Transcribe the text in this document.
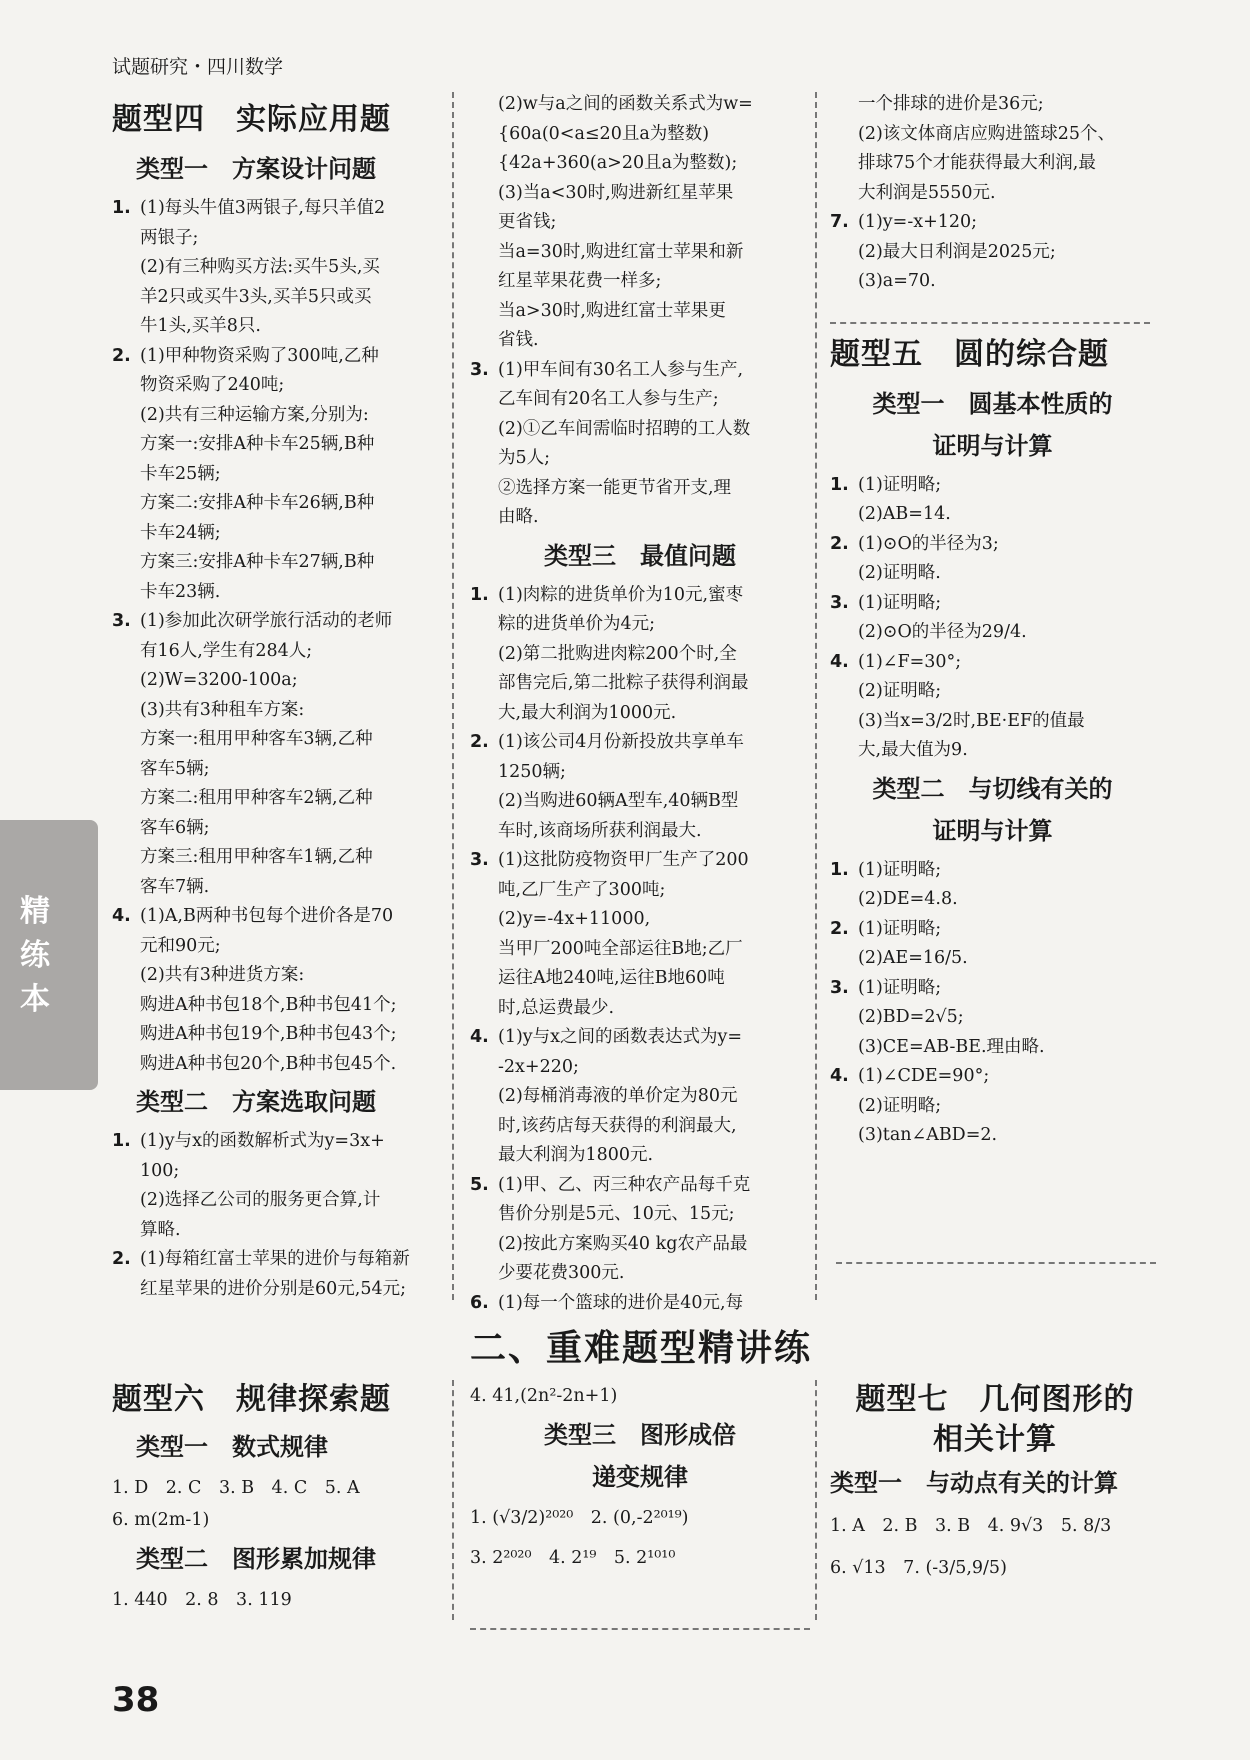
试题研究・四川数学
精练本
题型四　实际应用题
类型一　方案设计问题
1. (1)每头牛值3两银子,每只羊值2
两银子;
(2)有三种购买方法:买牛5头,买
羊2只或买牛3头,买羊5只或买
牛1头,买羊8只.
2. (1)甲种物资采购了300吨,乙种
物资采购了240吨;
(2)共有三种运输方案,分别为:
方案一:安排A种卡车25辆,B种
卡车25辆;
方案二:安排A种卡车26辆,B种
卡车24辆;
方案三:安排A种卡车27辆,B种
卡车23辆.
3. (1)参加此次研学旅行活动的老师
有16人,学生有284人;
(2)W=3200-100a;
(3)共有3种租车方案:
方案一:租用甲种客车3辆,乙种
客车5辆;
方案二:租用甲种客车2辆,乙种
客车6辆;
方案三:租用甲种客车1辆,乙种
客车7辆.
4. (1)A,B两种书包每个进价各是70
元和90元;
(2)共有3种进货方案:
购进A种书包18个,B种书包41个;
购进A种书包19个,B种书包43个;
购进A种书包20个,B种书包45个.
类型二　方案选取问题
1. (1)y与x的函数解析式为y=3x+
100;
(2)选择乙公司的服务更合算,计
算略.
2. (1)每箱红富士苹果的进价与每箱新
红星苹果的进价分别是60元,54元;
(2)w与a之间的函数关系式为w=
{60a(0<a≤20且a为整数)
{42a+360(a>20且a为整数);
(3)当a<30时,购进新红星苹果
更省钱;
当a=30时,购进红富士苹果和新
红星苹果花费一样多;
当a>30时,购进红富士苹果更
省钱.
3. (1)甲车间有30名工人参与生产,
乙车间有20名工人参与生产;
(2)①乙车间需临时招聘的工人数
为5人;
②选择方案一能更节省开支,理
由略.
类型三　最值问题
1. (1)肉粽的进货单价为10元,蜜枣
粽的进货单价为4元;
(2)第二批购进肉粽200个时,全
部售完后,第二批粽子获得利润最
大,最大利润为1000元.
2. (1)该公司4月份新投放共享单车
1250辆;
(2)当购进60辆A型车,40辆B型
车时,该商场所获利润最大.
3. (1)这批防疫物资甲厂生产了200
吨,乙厂生产了300吨;
(2)y=-4x+11000,
当甲厂200吨全部运往B地;乙厂
运往A地240吨,运往B地60吨
时,总运费最少.
4. (1)y与x之间的函数表达式为y=
-2x+220;
(2)每桶消毒液的单价定为80元
时,该药店每天获得的利润最大,
最大利润为1800元.
5. (1)甲、乙、丙三种农产品每千克
售价分别是5元、10元、15元;
(2)按此方案购买40 kg农产品最
少要花费300元.
6. (1)每一个篮球的进价是40元,每
一个排球的进价是36元;
(2)该文体商店应购进篮球25个、
排球75个才能获得最大利润,最
大利润是5550元.
7. (1)y=-x+120;
(2)最大日利润是2025元;
(3)a=70.
题型五　圆的综合题
类型一　圆基本性质的
证明与计算
1. (1)证明略;
(2)AB=14.
2. (1)⊙O的半径为3;
(2)证明略.
3. (1)证明略;
(2)⊙O的半径为29/4.
4. (1)∠F=30°;
(2)证明略;
(3)当x=3/2时,BE·EF的值最
大,最大值为9.
类型二　与切线有关的
证明与计算
1. (1)证明略;
(2)DE=4.8.
2. (1)证明略;
(2)AE=16/5.
3. (1)证明略;
(2)BD=2√5;
(3)CE=AB-BE.理由略.
4. (1)∠CDE=90°;
(2)证明略;
(3)tan∠ABD=2.
二、重难题型精讲练
题型六　规律探索题
类型一　数式规律
1. D　2. C　3. B　4. C　5. A
6. m(2m-1)
类型二　图形累加规律
1. 440　2. 8　3. 119
4. 41,(2n²-2n+1)
类型三　图形成倍
递变规律
1. (√3/2)²⁰²⁰　2. (0,-2²⁰¹⁹)
3. 2²⁰²⁰　4. 2¹⁹　5. 2¹⁰¹⁰
题型七　几何图形的
相关计算
类型一　与动点有关的计算
1. A　2. B　3. B　4. 9√3　5. 8/3
6. √13　7. (-3/5,9/5)
38
